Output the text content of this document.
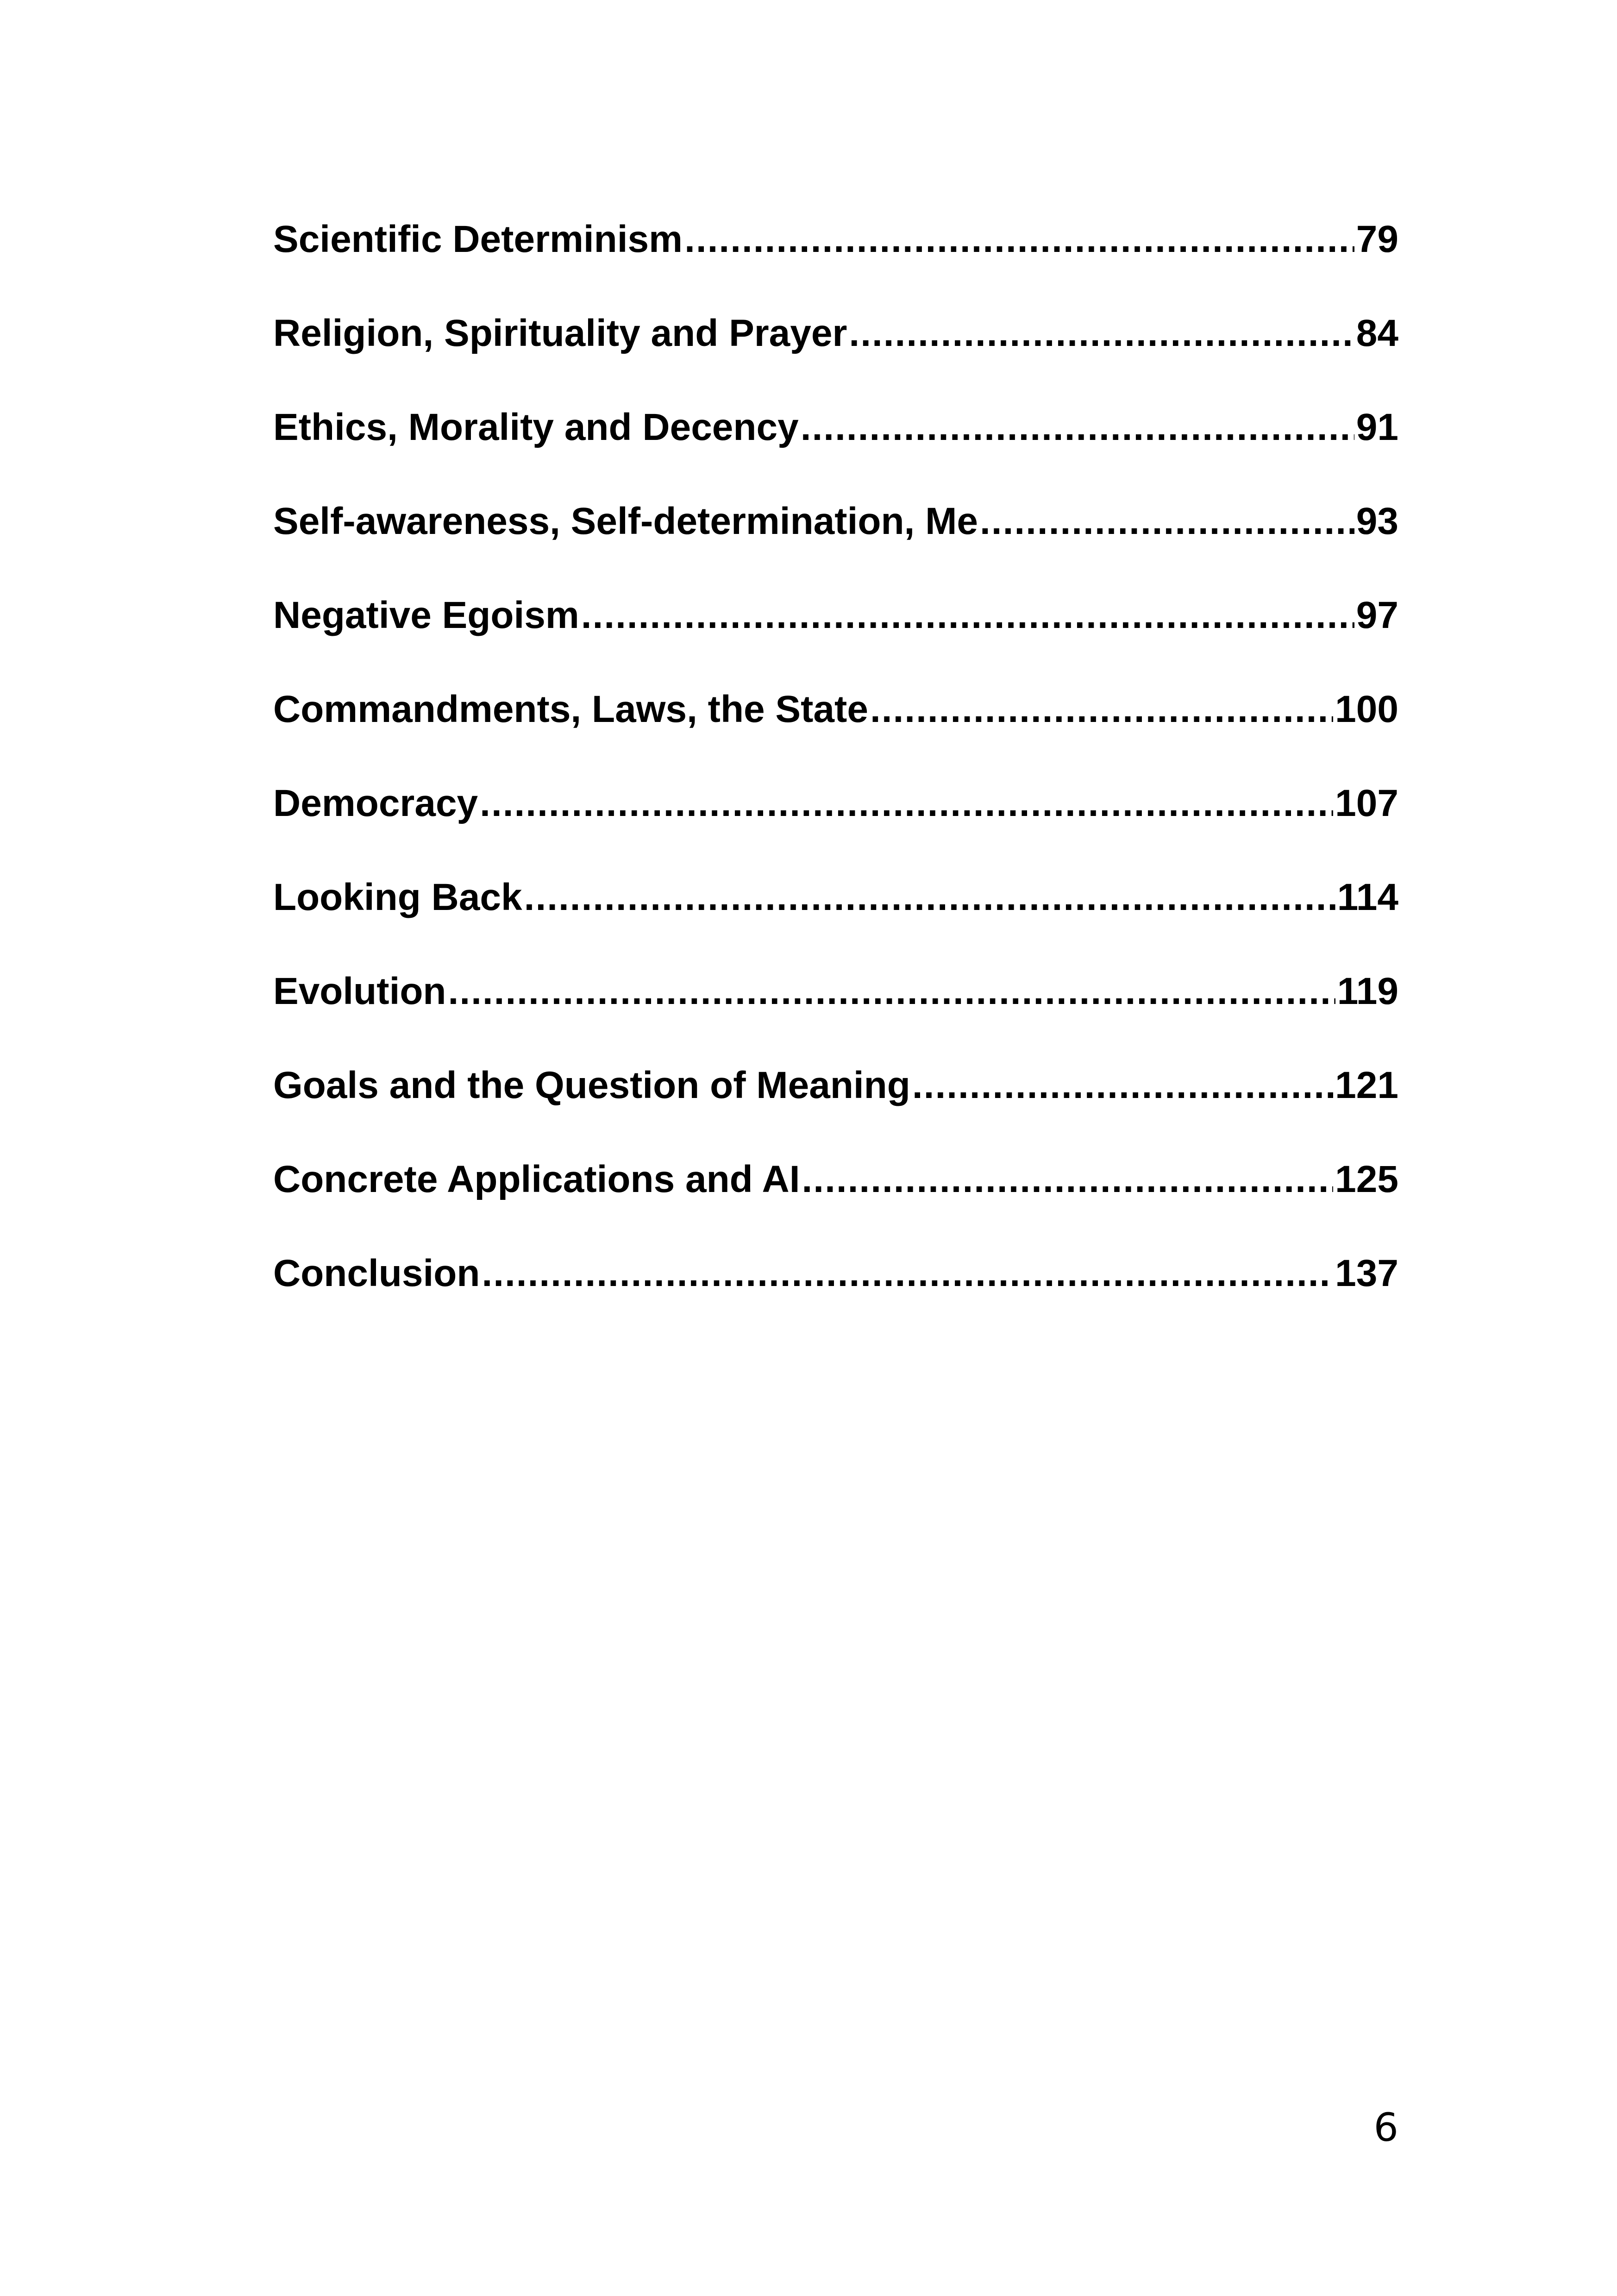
Scientific Determinism .....	79
Religion, Spirituality and Prayer .....	84
Ethics, Morality and Decency .....	91
Self-awareness, Self-determination, Me .....	93
Negative Egoism .....	97
Commandments, Laws, the State .....	100
Democracy .....	107
Looking Back .....	114
Evolution .....	119
Goals and the Question of Meaning .....	121
Concrete Applications and AI .....	125
Conclusion .....	137
6
